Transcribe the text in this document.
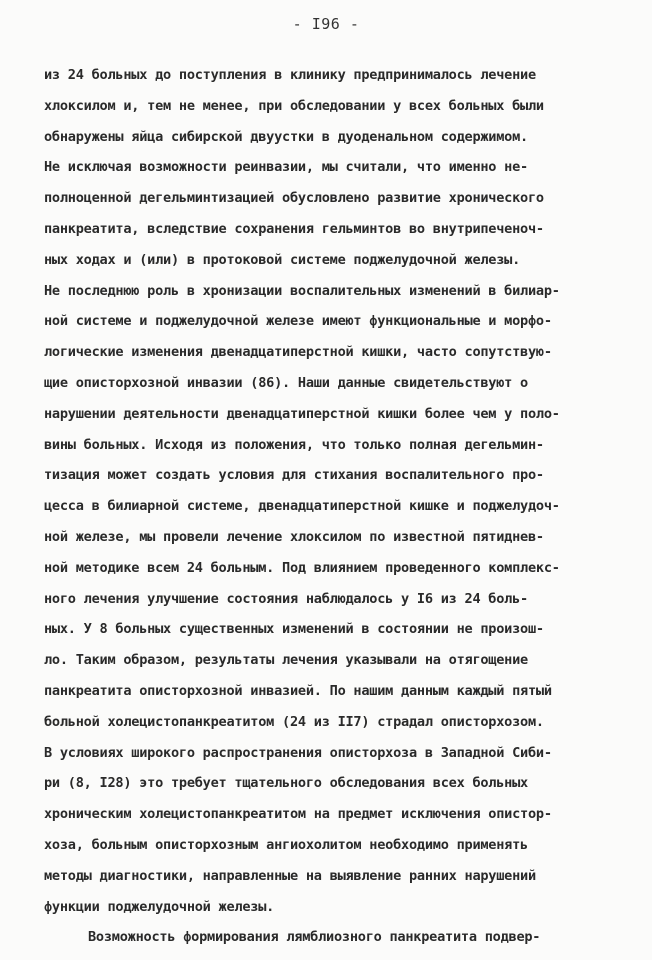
- I96 -
из 24 больных до поступления в клинику предпринималось лечение
хлоксилом и, тем не менее, при обследовании у всех больных были
обнаружены яйца сибирской двуустки в дуоденальном содержимом.
Не исключая возможности реинвазии, мы считали, что именно не-
полноценной дегельминтизацией обусловлено развитие хронического
панкреатита, вследствие сохранения гельминтов во внутрипеченоч-
ных ходах и (или) в протоковой системе поджелудочной железы.
Не последнюю роль в хронизации воспалительных изменений в билиар-
ной системе и поджелудочной железе имеют функциональные и морфо-
логические изменения двенадцатиперстной кишки, часто сопутствую-
щие описторхозной инвазии (86). Наши данные свидетельствуют о
нарушении деятельности двенадцатиперстной кишки более чем у поло-
вины больных. Исходя из положения, что только полная дегельмин-
тизация может создать условия для стихания воспалительного про-
цесса в билиарной системе, двенадцатиперстной кишке и поджелудоч-
ной железе, мы провели лечение хлоксилом по известной пятиднев-
ной методике всем 24 больным. Под влиянием проведенного комплекс-
ного лечения улучшение состояния наблюдалось у I6 из 24 боль-
ных. У 8 больных существенных изменений в состоянии не произош-
ло. Таким образом, результаты лечения указывали на отягощение
панкреатита описторхозной инвазией. По нашим данным каждый пятый
больной холецистопанкреатитом (24 из II7) страдал описторхозом.
В условиях широкого распространения описторхоза в Западной Сиби-
ри (8, I28) это требует тщательного обследования всех больных
хроническим холецистопанкреатитом на предмет исключения опистор-
хоза, больным описторхозным ангиохолитом необходимо применять
методы диагностики, направленные на выявление ранних нарушений
функции поджелудочной железы.
Возможность формирования лямблиозного панкреатита подвер-
